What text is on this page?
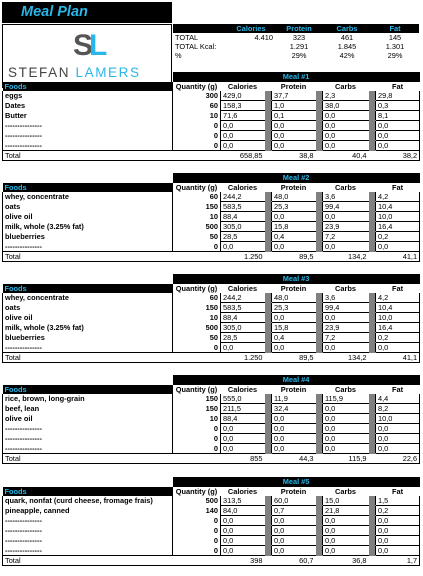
Meal Plan
SL
STEFAN LAMERS
	Calories	Protein	Carbs	Fat
TOTAL	4.410	323	461	145
TOTAL Kcal:		1.291	1.845	1.301
%		29%	42%	29%
	Meal #1							
Foods	Quantity (g)	Calories		Protein		Carbs		Fat
eggs	300	429,0		37,7		2,3		29,8
Dates	60	158,3		1,0		38,0		0,3
Butter	10	71,6		0,1		0,0		8,1
---------------	0	0,0		0,0		0,0		0,0
---------------	0	0,0		0,0		0,0		0,0
---------------	0	0,0		0,0		0,0		0,0
Total		658,85		38,8		40,4		38,2
	Meal #2							
Foods	Quantity (g)	Calories		Protein		Carbs		Fat
whey, concentrate	60	244,2		48,0		3,6		4,2
oats	150	583,5		25,3		99,4		10,4
olive oil	10	88,4		0,0		0,0		10,0
milk, whole (3.25% fat)	500	305,0		15,8		23,9		16,4
blueberries	50	28,5		0,4		7,2		0,2
---------------	0	0,0		0,0		0,0		0,0
Total		1.250		89,5		134,2		41,1
	Meal #3							
Foods	Quantity (g)	Calories		Protein		Carbs		Fat
whey, concentrate	60	244,2		48,0		3,6		4,2
oats	150	583,5		25,3		99,4		10,4
olive oil	10	88,4		0,0		0,0		10,0
milk, whole (3.25% fat)	500	305,0		15,8		23,9		16,4
blueberries	50	28,5		0,4		7,2		0,2
---------------	0	0,0		0,0		0,0		0,0
Total		1.250		89,5		134,2		41,1
	Meal #4							
Foods	Quantity (g)	Calories		Protein		Carbs		Fat
rice, brown, long-grain	150	555,0		11,9		115,9		4,4
beef, lean	150	211,5		32,4		0,0		8,2
olive oil	10	88,4		0,0		0,0		10,0
---------------	0	0,0		0,0		0,0		0,0
---------------	0	0,0		0,0		0,0		0,0
---------------	0	0,0		0,0		0,0		0,0
Total		855		44,3		115,9		22,6
	Meal #5							
Foods	Quantity (g)	Calories		Protein		Carbs		Fat
quark, nonfat (curd cheese, fromage frais)	500	313,5		60,0		15,0		1,5
pineapple, canned	140	84,0		0,7		21,8		0,2
---------------	0	0,0		0,0		0,0		0,0
---------------	0	0,0		0,0		0,0		0,0
---------------	0	0,0		0,0		0,0		0,0
---------------	0	0,0		0,0		0,0		0,0
Total		398		60,7		36,8		1,7
